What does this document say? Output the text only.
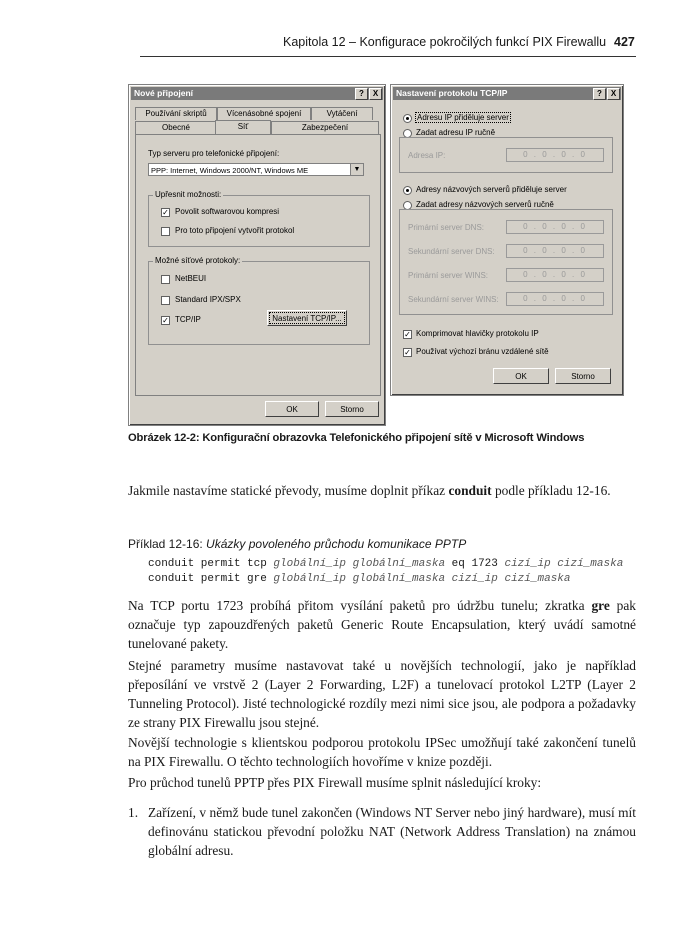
Kapitola 12 – Konfigurace pokročilých funkcí PIX Firewallu 427
Nové připojení	?	X
Používání skriptů	Vícenásobné spojení	Vytáčení
Obecné	Síť	Zabezpečení
Typ serveru pro telefonické připojení:
PPP: Internet, Windows 2000/NT, Windows ME	▼
Upřesnit možnosti:
✓ Povolit softwarovou kompresi
Pro toto připojení vytvořit protokol
Možné síťové protokoly:
NetBEUI
Standard IPX/SPX
✓ TCP/IP	Nastavení TCP/IP...
OK	Storno
Nastavení protokolu TCP/IP	?	X
Adresu IP přiděluje server
Zadat adresu IP ručně
Adresa IP:	0 . 0 . 0 . 0
Adresy názvových serverů přiděluje server
Zadat adresy názvových serverů ručně
Primární server DNS:	0 . 0 . 0 . 0
Sekundární server DNS:	0 . 0 . 0 . 0
Primární server WINS:	0 . 0 . 0 . 0
Sekundární server WINS:	0 . 0 . 0 . 0
✓ Komprimovat hlavičky protokolu IP
✓ Používat výchozí bránu vzdálené sítě
OK	Storno
Obrázek 12-2: Konfigurační obrazovka Telefonického připojení sítě v Microsoft Windows
Jakmile nastavíme statické převody, musíme doplnit příkaz conduit podle příkladu 12-16.
Příklad 12-16: Ukázky povoleného průchodu komunikace PPTP
conduit permit tcp globální_ip globální_maska eq 1723 cizí_ip cizí_maska
conduit permit gre globální_ip globální_maska cizí_ip cizí_maska
Na TCP portu 1723 probíhá přitom vysílání paketů pro údržbu tunelu; zkratka gre pak označuje typ zapouzdřených paketů Generic Route Encapsulation, který uvádí samotné tunelované pakety.
Stejné parametry musíme nastavovat také u novějších technologií, jako je například přeposílání ve vrstvě 2 (Layer 2 Forwarding, L2F) a tunelovací protokol L2TP (Layer 2 Tunneling Protocol). Jisté technologické rozdíly mezi nimi sice jsou, ale podpora a požadavky ze strany PIX Firewallu jsou stejné.
Novější technologie s klientskou podporou protokolu IPSec umožňují také zakončení tunelů na PIX Firewallu. O těchto technologiích hovoříme v knize později.
Pro průchod tunelů PPTP přes PIX Firewall musíme splnit následující kroky:
1. Zařízení, v němž bude tunel zakončen (Windows NT Server nebo jiný hardware), musí mít definovánu statickou převodní položku NAT (Network Address Translation) na známou globální adresu.
